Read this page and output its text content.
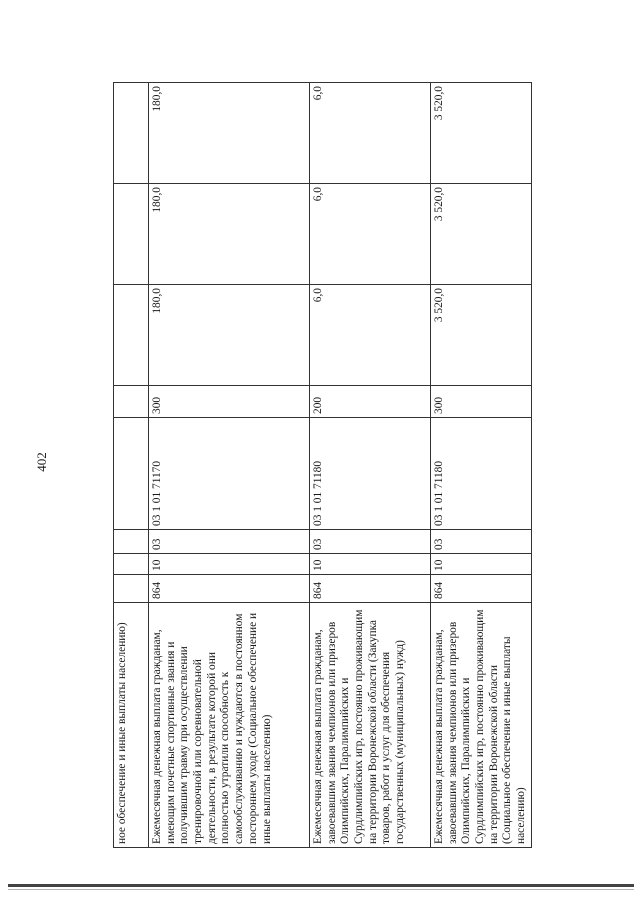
402
ное обеспечение и иные выплаты населению)								
Ежемесячная денежная выплата гражданам, имеющим почетные спортивные звания и получившим травму при осуществлении тренировочной или соревновательной деятельности, в результате которой они полностью утратили способность к самообслуживанию и нуждаются в постоянном постороннем уходе (Социальное обеспечение и иные выплаты населению)	864	10	03	03 1 01 71170	300	180,0	180,0	180,0
Ежемесячная денежная выплата гражданам, завоевавшим звания чемпионов или призеров Олимпийских, Паралимпийских и Сурдлимпийских игр, постоянно проживающим на территории Воронежской области (Закупка товаров, работ и услуг для обеспечения государственных (муниципальных) нужд)	864	10	03	03 1 01 71180	200	6,0	6,0	6,0
Ежемесячная денежная выплата гражданам, завоевавшим звания чемпионов или призеров Олимпийских, Паралимпийских и Сурдлимпийских игр, постоянно проживающим на территории Воронежской области (Социальное обеспечение и иные выплаты населению)	864	10	03	03 1 01 71180	300	3 520,0	3 520,0	3 520,0
